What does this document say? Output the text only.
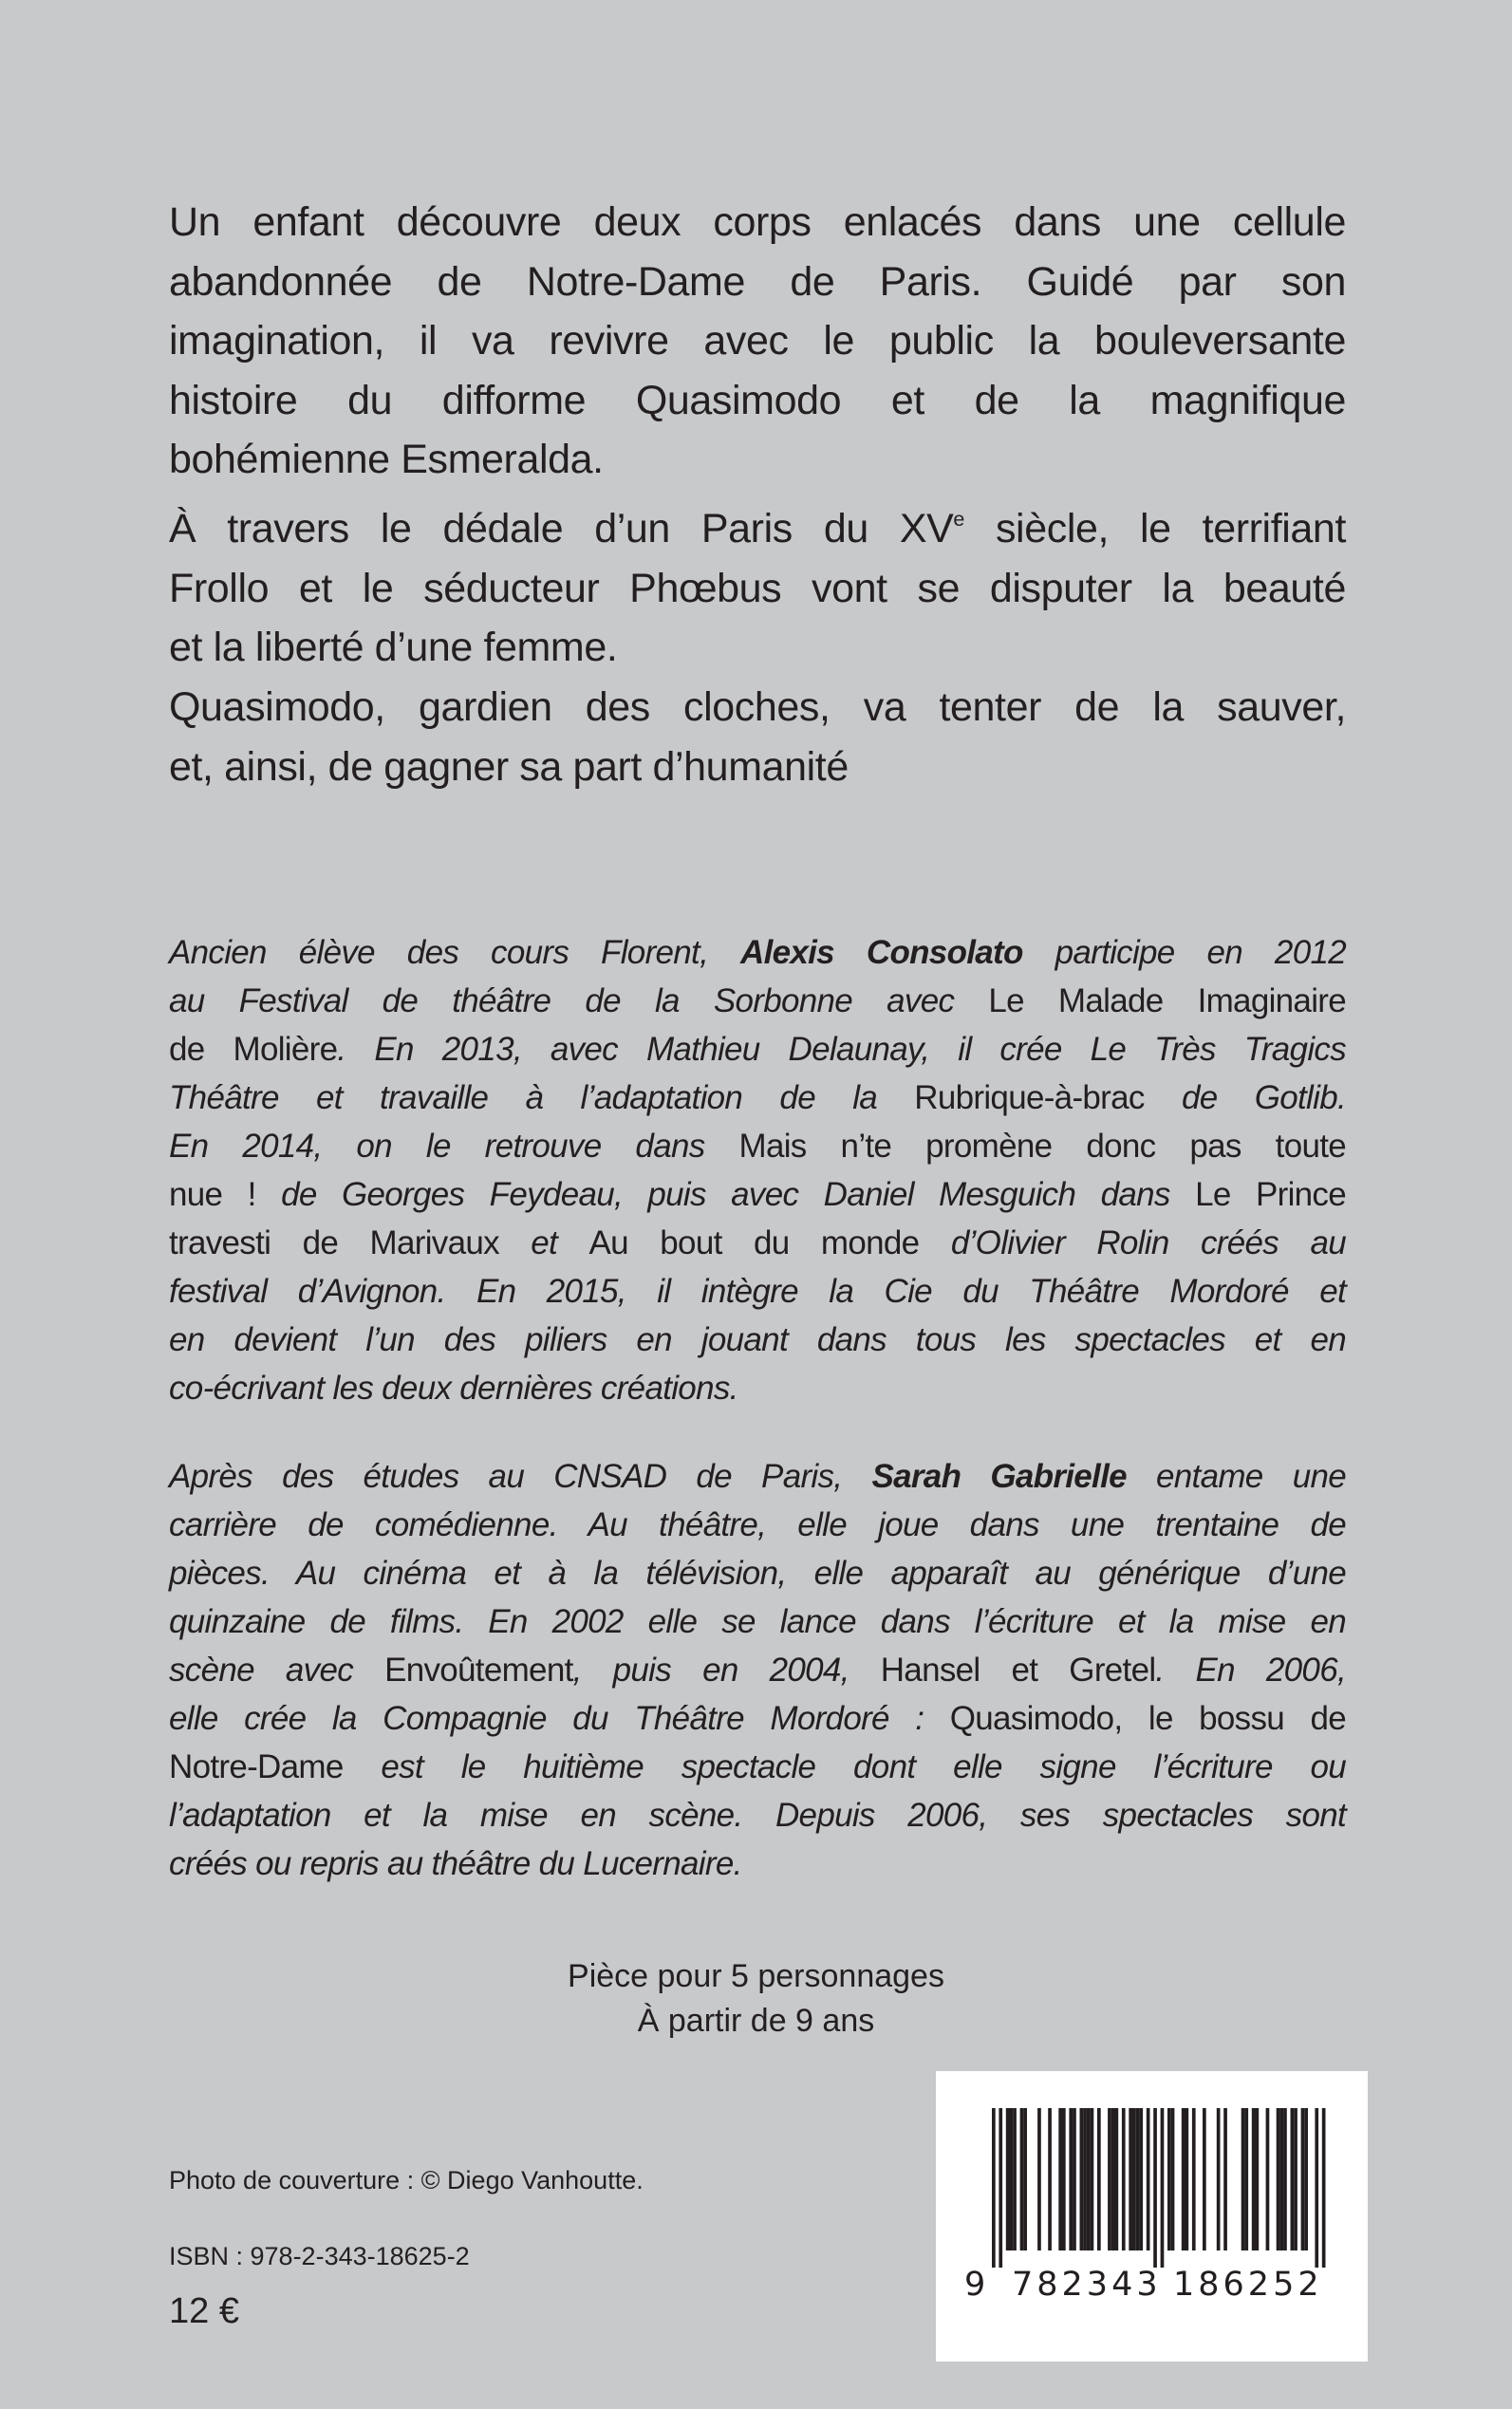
Un enfant découvre deux corps enlacés dans une cellule
abandonnée de Notre-Dame de Paris. Guidé par son
imagination, il va revivre avec le public la bouleversante
histoire du difforme Quasimodo et de la magnifique
bohémienne Esmeralda.
À travers le dédale d’un Paris du XVe siècle, le terrifiant
Frollo et le séducteur Phœbus vont se disputer la beauté
et la liberté d’une femme.
Quasimodo, gardien des cloches, va tenter de la sauver,
et, ainsi, de gagner sa part d’humanité
Ancien élève des cours Florent, Alexis Consolato participe en 2012
au Festival de théâtre de la Sorbonne avec Le Malade Imaginaire
de Molière. En 2013, avec Mathieu Delaunay, il crée Le Très Tragics
Théâtre et travaille à l’adaptation de la Rubrique-à-brac de Gotlib.
En 2014, on le retrouve dans Mais n’te promène donc pas toute
nue ! de Georges Feydeau, puis avec Daniel Mesguich dans Le Prince
travesti de Marivaux et Au bout du monde d’Olivier Rolin créés au
festival d’Avignon. En 2015, il intègre la Cie du Théâtre Mordoré et
en devient l’un des piliers en jouant dans tous les spectacles et en
co-écrivant les deux dernières créations.
Après des études au CNSAD de Paris, Sarah Gabrielle entame une
carrière de comédienne. Au théâtre, elle joue dans une trentaine de
pièces. Au cinéma et à la télévision, elle apparaît au générique d’une
quinzaine de films. En 2002 elle se lance dans l’écriture et la mise en
scène avec Envoûtement, puis en 2004, Hansel et Gretel. En 2006,
elle crée la Compagnie du Théâtre Mordoré : Quasimodo, le bossu de
Notre-Dame est le huitième spectacle dont elle signe l’écriture ou
l’adaptation et la mise en scène. Depuis 2006, ses spectacles sont
créés ou repris au théâtre du Lucernaire.
Pièce pour 5 personnages
À partir de 9 ans
Photo de couverture : © Diego Vanhoutte.
ISBN : 978-2-343-18625-2
12 €
9 782343 186252
